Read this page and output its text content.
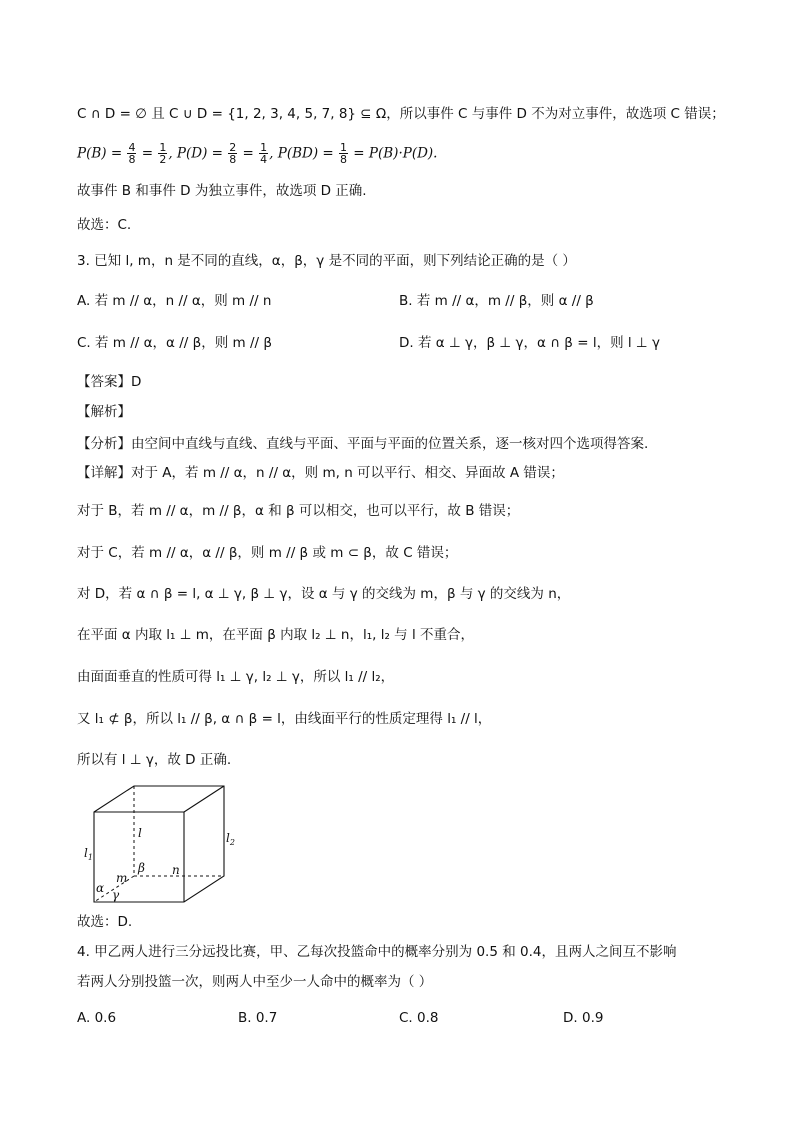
C ∩ D = ∅ 且 C ∪ D = {1, 2, 3, 4, 5, 7, 8} ⊆ Ω，所以事件 C 与事件 D 不为对立事件，故选项 C 错误；
$P(B) = \frac{4}{8} = \frac{1}{2}$ , $P(D) = \frac{2}{8} = \frac{1}{4}$ , $P(BD) = \frac{1}{8} = P(B)\cdot P(D)$.
故事件 B 和事件 D 为独立事件，故选项 D 正确.
故选：C.
3. 已知 l, m，n 是不同的直线，α，β，γ 是不同的平面，则下列结论正确的是（ ）
A. 若 m // α，n // α，则 m // n	B. 若 m // α，m // β，则 α // β
C. 若 m // α，α // β，则 m // β	D. 若 α ⊥ γ，β ⊥ γ，α ∩ β = l，则 l ⊥ γ
【答案】D
【解析】
【分析】由空间中直线与直线、直线与平面、平面与平面的位置关系，逐一核对四个选项得答案.
【详解】对于 A，若 m // α，n // α，则 m, n 可以平行、相交、异面故 A 错误；
对于 B，若 m // α，m // β，α 和 β 可以相交，也可以平行，故 B 错误；
对于 C，若 m // α，α // β，则 m // β 或 m ⊂ β，故 C 错误；
对 D，若 α ∩ β = l, α ⊥ γ, β ⊥ γ，设 α 与 γ 的交线为 m，β 与 γ 的交线为 n，
在平面 α 内取 l₁ ⊥ m，在平面 β 内取 l₂ ⊥ n，l₁, l₂ 与 l 不重合，
由面面垂直的性质可得 l₁ ⊥ γ, l₂ ⊥ γ，所以 l₁ // l₂，
又 l₁ ⊄ β，所以 l₁ // β, α ∩ β = l，由线面平行的性质定理得 l₁ // l，
所以有 l ⊥ γ，故 D 正确.
l	$l_2$
$l_1$
β
m
n
α γ
故选：D.
4. 甲乙两人进行三分远投比赛，甲、乙每次投篮命中的概率分别为 0.5 和 0.4，且两人之间互不影响
若两人分别投篮一次，则两人中至少一人命中的概率为（ ）
A. 0.6	B. 0.7	C. 0.8	D. 0.9
